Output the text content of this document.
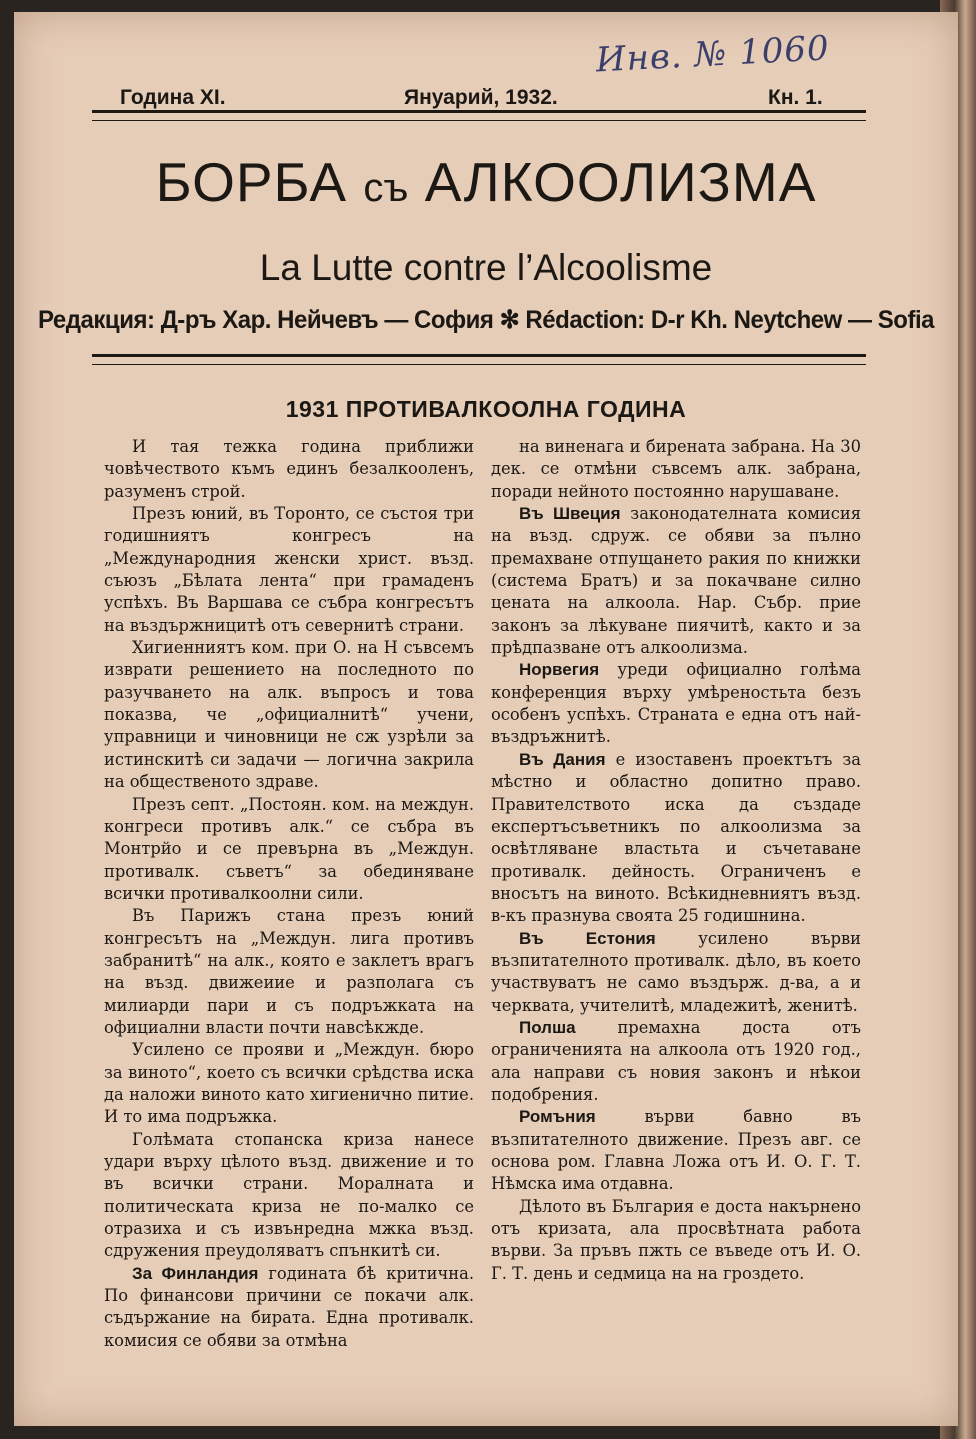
Инв. № 1060
Година XI.	Януарий, 1932.	Кн. 1.
БОРБА съ АЛКООЛИЗМА
La Lutte contre l’Alcoolisme
Редакция: Д-ръ Хар. Нейчевъ — София ✻ Rédaction: D-r Kh. Neytchew — Sofia
1931 ПРОТИВАЛКООЛНА ГОДИНА

И тая тежка година приближи човѣчеството къмъ единъ безалкооленъ, разуменъ строй.

Презъ юний, въ Торонто, се състоя три годишниятъ конгресъ на „Международния женски христ. възд. съюзъ „Бѣлата лента“ при грамаденъ успѣхъ. Въ Варшава се събра конгресътъ на въздържницитѣ отъ севернитѣ страни.

Хигиенниятъ ком. при О. на Н съвсемъ изврати решението на последното по разучването на алк. въпросъ и това показва, че „официалнитѣ“ учени, управници и чиновници не сж узрѣли за истинскитѣ си задачи — логична закрила на общественото здраве.

Презъ септ. „Постоян. ком. на междун. конгреси противъ алк.“ се събра въ Монтрйо и се превърна въ „Междун. противалк. съветъ“ за обединяване всички противалкоолни сили.

Въ Парижъ стана презъ юний конгресътъ на „Междун. лига противъ забранитѣ“ на алк., която е заклетъ врагъ на възд. движеиие и разполага съ милиарди пари и съ подръжката на официални власти почти навсѣкжде.

Усилено се прояви и „Междун. бюро за виното“, което съ всички срѣдства иска да наложи виното като хигиенично питие. И то има подръжка.

Голѣмата стопанска криза нанесе удари върху цѣлото възд. движение и то въ всички страни. Моралната и политическата криза не по-малко се отразиха и съ извънредна мжка възд. сдружения преудоляватъ спънкитѣ си.

За Финландия годината бѣ критична. По финансови причини се покачи алк. съдържание на бирата. Една противалк. комисия се обяви за отмѣна

на виненага и бирената забрана. На 30 дек. се отмѣни съвсемъ алк. забрана, поради нейното постоянно нарушаване.

Въ Швеция законодателната комисия на възд. сдруж. се обяви за пълно премахване отпущането ракия по книжки (система Братъ) и за покачване силно цената на алкоола. Нар. Събр. прие законъ за лѣкуване пиячитѣ, както и за прѣдпазване отъ алкоолизма.

Норвегия уреди официално голѣма конференция върху умѣреностьта безъ особенъ успѣхъ. Страната е една отъ най-въздръжнитѣ.

Въ Дания е изоставенъ проектътъ за мѣстно и областно допитно право. Правителството иска да създаде експертъсъветникъ по алкоолизма за освѣтляване властьта и съчетаване противалк. дейность. Ограниченъ е вносътъ на виното. Всѣкидневниятъ възд. в-къ празнува своята 25 годишнина.

Въ Естония усилено върви възпитателното противалк. дѣло, въ което участвуватъ не само въздърж. д-ва, а и черквата, учителитѣ, младежитѣ, женитѣ.

Полша премахна доста отъ ограниченията на алкоола отъ 1920 год., ала направи съ новия законъ и нѣкои подобрения.

Ромъния върви бавно въ възпитателното движение. Презъ авг. се основа ром. Главна Ложа отъ И. О. Г. Т. Нѣмска има отдавна.

Дѣлото въ България е доста накърнено отъ кризата, ала просвѣтната работа върви. За пръвъ пжть се въведе отъ И. О. Г. Т. день и седмица на на гроздето.
